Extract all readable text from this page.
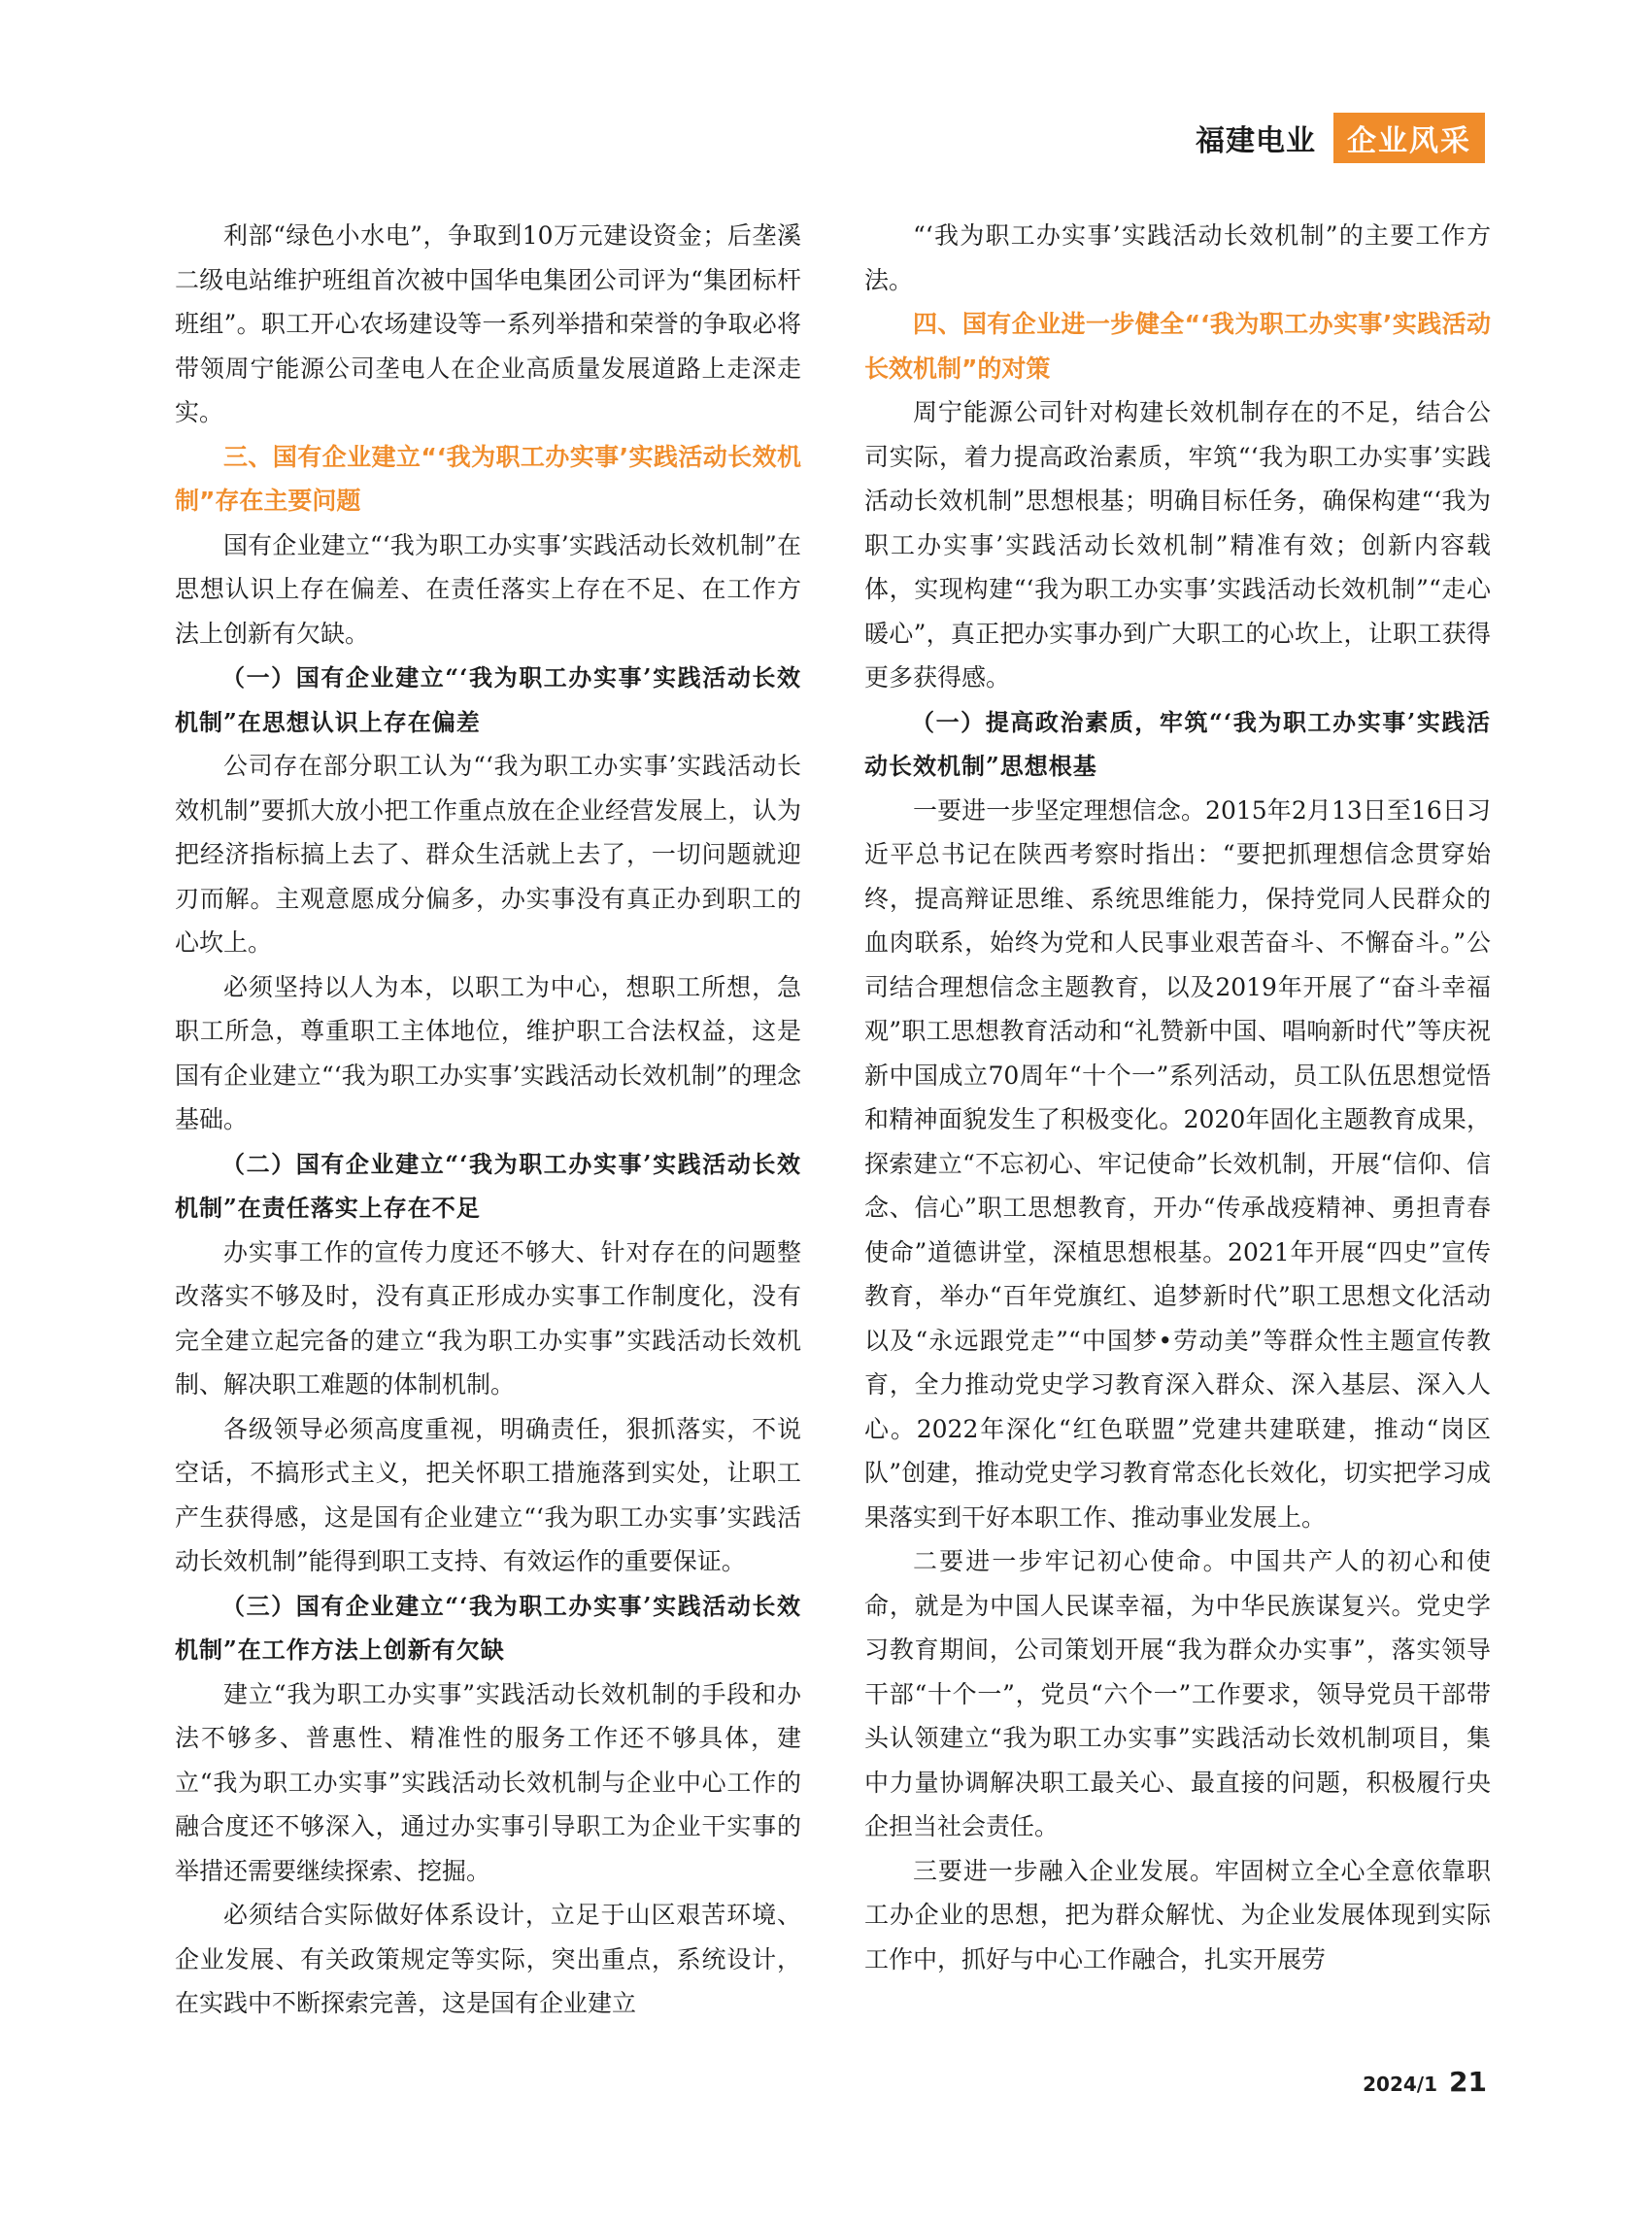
福建电业	企业风采

利部“绿色小水电”，争取到10万元建设资金；后垄溪二级电站维护班组首次被中国华电集团公司评为“集团标杆班组”。职工开心农场建设等一系列举措和荣誉的争取必将带领周宁能源公司垄电人在企业高质量发展道路上走深走实。

三、国有企业建立“‘我为职工办实事’实践活动长效机制”存在主要问题

国有企业建立“‘我为职工办实事’实践活动长效机制”在思想认识上存在偏差、在责任落实上存在不足、在工作方法上创新有欠缺。

（一）国有企业建立“‘我为职工办实事’实践活动长效机制”在思想认识上存在偏差

公司存在部分职工认为“‘我为职工办实事’实践活动长效机制”要抓大放小把工作重点放在企业经营发展上，认为把经济指标搞上去了、群众生活就上去了，一切问题就迎刃而解。主观意愿成分偏多，办实事没有真正办到职工的心坎上。

必须坚持以人为本，以职工为中心，想职工所想，急职工所急，尊重职工主体地位，维护职工合法权益，这是国有企业建立“‘我为职工办实事’实践活动长效机制”的理念基础。

（二）国有企业建立“‘我为职工办实事’实践活动长效机制”在责任落实上存在不足

办实事工作的宣传力度还不够大、针对存在的问题整改落实不够及时，没有真正形成办实事工作制度化，没有完全建立起完备的建立“我为职工办实事”实践活动长效机制、解决职工难题的体制机制。

各级领导必须高度重视，明确责任，狠抓落实，不说空话，不搞形式主义，把关怀职工措施落到实处，让职工产生获得感，这是国有企业建立“‘我为职工办实事’实践活动长效机制”能得到职工支持、有效运作的重要保证。

（三）国有企业建立“‘我为职工办实事’实践活动长效机制”在工作方法上创新有欠缺

建立“我为职工办实事”实践活动长效机制的手段和办法不够多、普惠性、精准性的服务工作还不够具体，建立“我为职工办实事”实践活动长效机制与企业中心工作的融合度还不够深入，通过办实事引导职工为企业干实事的举措还需要继续探索、挖掘。

必须结合实际做好体系设计，立足于山区艰苦环境、企业发展、有关政策规定等实际，突出重点，系统设计，在实践中不断探索完善，这是国有企业建立

“‘我为职工办实事’实践活动长效机制”的主要工作方法。

四、国有企业进一步健全“‘我为职工办实事’实践活动长效机制”的对策

周宁能源公司针对构建长效机制存在的不足，结合公司实际，着力提高政治素质，牢筑“‘我为职工办实事’实践活动长效机制”思想根基；明确目标任务，确保构建“‘我为职工办实事’实践活动长效机制”精准有效；创新内容载体，实现构建“‘我为职工办实事’实践活动长效机制”“走心暖心”，真正把办实事办到广大职工的心坎上，让职工获得更多获得感。

（一）提高政治素质，牢筑“‘我为职工办实事’实践活动长效机制”思想根基

一要进一步坚定理想信念。2015年2月13日至16日习近平总书记在陕西考察时指出：“要把抓理想信念贯穿始终，提高辩证思维、系统思维能力，保持党同人民群众的血肉联系，始终为党和人民事业艰苦奋斗、不懈奋斗。”公司结合理想信念主题教育，以及2019年开展了“奋斗幸福观”职工思想教育活动和“礼赞新中国、唱响新时代”等庆祝新中国成立70周年“十个一”系列活动，员工队伍思想觉悟和精神面貌发生了积极变化。2020年固化主题教育成果，探索建立“不忘初心、牢记使命”长效机制，开展“信仰、信念、信心”职工思想教育，开办“传承战疫精神、勇担青春使命”道德讲堂，深植思想根基。2021年开展“四史”宣传教育，举办“百年党旗红、追梦新时代”职工思想文化活动以及“永远跟党走”“中国梦•劳动美”等群众性主题宣传教育，全力推动党史学习教育深入群众、深入基层、深入人心。2022年深化“红色联盟”党建共建联建，推动“岗区队”创建，推动党史学习教育常态化长效化，切实把学习成果落实到干好本职工作、推动事业发展上。

二要进一步牢记初心使命。中国共产人的初心和使命，就是为中国人民谋幸福，为中华民族谋复兴。党史学习教育期间，公司策划开展“我为群众办实事”，落实领导干部“十个一”，党员“六个一”工作要求，领导党员干部带头认领建立“我为职工办实事”实践活动长效机制项目，集中力量协调解决职工最关心、最直接的问题，积极履行央企担当社会责任。

三要进一步融入企业发展。牢固树立全心全意依靠职工办企业的思想，把为群众解忧、为企业发展体现到实际工作中，抓好与中心工作融合，扎实开展劳

2024/1 21
